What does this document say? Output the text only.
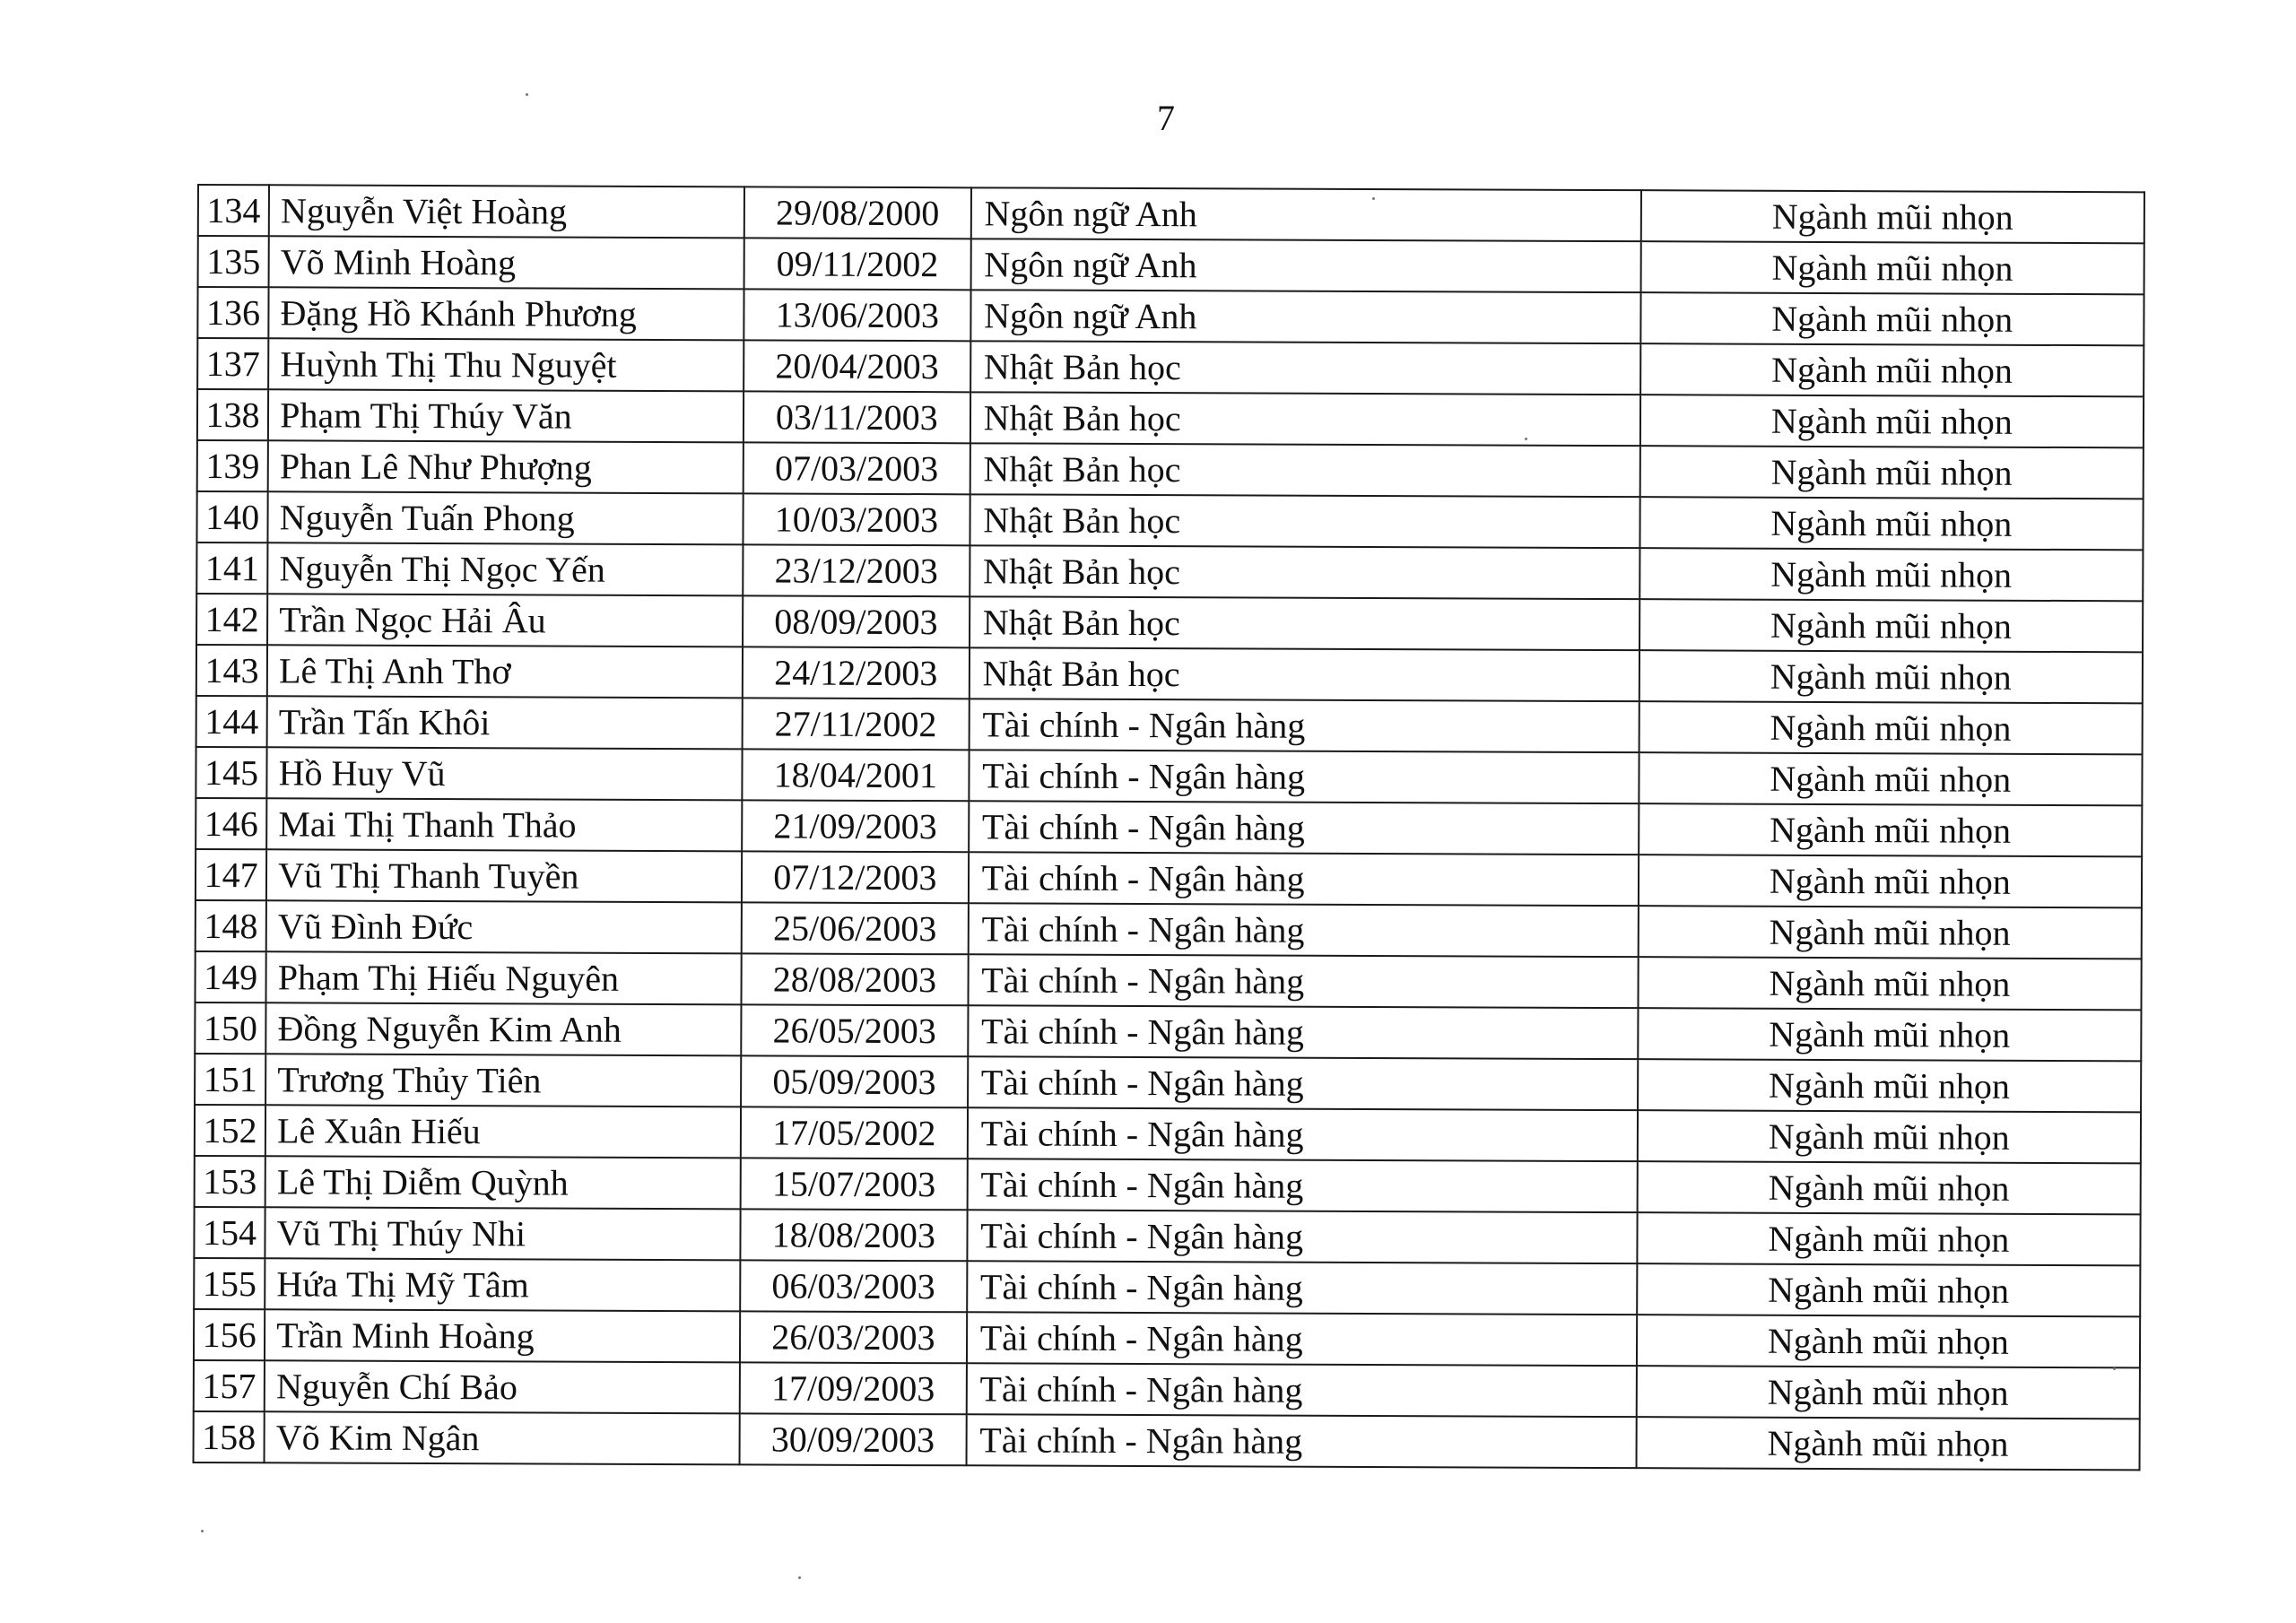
7
134	Nguyễn Việt Hoàng	29/08/2000	Ngôn ngữ Anh	Ngành mũi nhọn
135	Võ Minh Hoàng	09/11/2002	Ngôn ngữ Anh	Ngành mũi nhọn
136	Đặng Hồ Khánh Phương	13/06/2003	Ngôn ngữ Anh	Ngành mũi nhọn
137	Huỳnh Thị Thu Nguyệt	20/04/2003	Nhật Bản học	Ngành mũi nhọn
138	Phạm Thị Thúy Văn	03/11/2003	Nhật Bản học	Ngành mũi nhọn
139	Phan Lê Như Phượng	07/03/2003	Nhật Bản học	Ngành mũi nhọn
140	Nguyễn Tuấn Phong	10/03/2003	Nhật Bản học	Ngành mũi nhọn
141	Nguyễn Thị Ngọc Yến	23/12/2003	Nhật Bản học	Ngành mũi nhọn
142	Trần Ngọc Hải Âu	08/09/2003	Nhật Bản học	Ngành mũi nhọn
143	Lê Thị Anh Thơ	24/12/2003	Nhật Bản học	Ngành mũi nhọn
144	Trần Tấn Khôi	27/11/2002	Tài chính - Ngân hàng	Ngành mũi nhọn
145	Hồ Huy Vũ	18/04/2001	Tài chính - Ngân hàng	Ngành mũi nhọn
146	Mai Thị Thanh Thảo	21/09/2003	Tài chính - Ngân hàng	Ngành mũi nhọn
147	Vũ Thị Thanh Tuyền	07/12/2003	Tài chính - Ngân hàng	Ngành mũi nhọn
148	Vũ Đình Đức	25/06/2003	Tài chính - Ngân hàng	Ngành mũi nhọn
149	Phạm Thị Hiếu Nguyên	28/08/2003	Tài chính - Ngân hàng	Ngành mũi nhọn
150	Đồng Nguyễn Kim Anh	26/05/2003	Tài chính - Ngân hàng	Ngành mũi nhọn
151	Trương Thủy Tiên	05/09/2003	Tài chính - Ngân hàng	Ngành mũi nhọn
152	Lê Xuân Hiếu	17/05/2002	Tài chính - Ngân hàng	Ngành mũi nhọn
153	Lê Thị Diễm Quỳnh	15/07/2003	Tài chính - Ngân hàng	Ngành mũi nhọn
154	Vũ Thị Thúy Nhi	18/08/2003	Tài chính - Ngân hàng	Ngành mũi nhọn
155	Hứa Thị Mỹ Tâm	06/03/2003	Tài chính - Ngân hàng	Ngành mũi nhọn
156	Trần Minh Hoàng	26/03/2003	Tài chính - Ngân hàng	Ngành mũi nhọn
157	Nguyễn Chí Bảo	17/09/2003	Tài chính - Ngân hàng	Ngành mũi nhọn
158	Võ Kim Ngân	30/09/2003	Tài chính - Ngân hàng	Ngành mũi nhọn
